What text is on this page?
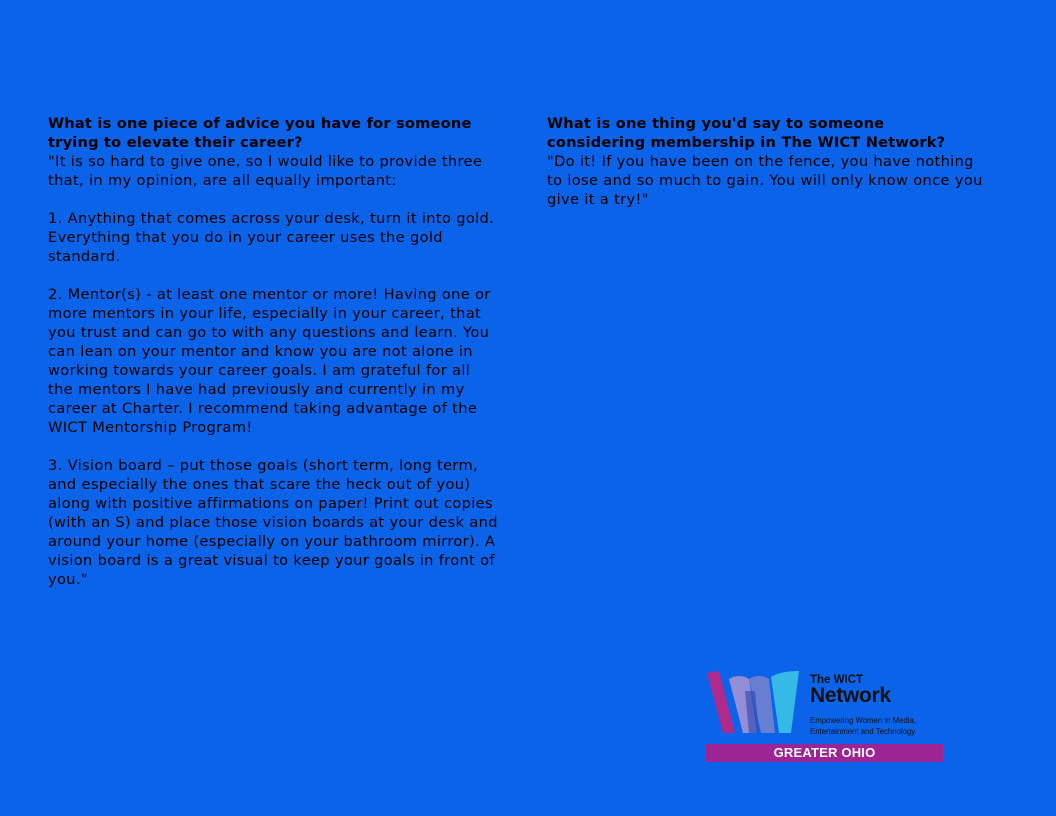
What is one piece of advice you have for someone trying to elevate their career?

"It is so hard to give one, so I would like to provide three that, in my opinion, are all equally important:

1. Anything that comes across your desk, turn it into gold. Everything that you do in your career uses the gold standard.

2. Mentor(s) - at least one mentor or more! Having one or more mentors in your life, especially in your career, that you trust and can go to with any questions and learn. You can lean on your mentor and know you are not alone in working towards your career goals. I am grateful for all the mentors I have had previously and currently in my career at Charter. I recommend taking advantage of the WICT Mentorship Program!

3. Vision board – put those goals (short term, long term, and especially the ones that scare the heck out of you) along with positive affirmations on paper! Print out copies (with an S) and place those vision boards at your desk and around your home (especially on your bathroom mirror). A vision board is a great visual to keep your goals in front of you."

What is one thing you'd say to someone considering membership in The WICT Network?

"Do it! If you have been on the fence, you have nothing to lose and so much to gain. You will only know once you give it a try!"

The WICT
Network
Empowering Women in Media,
Entertainment and Technology
GREATER OHIO
